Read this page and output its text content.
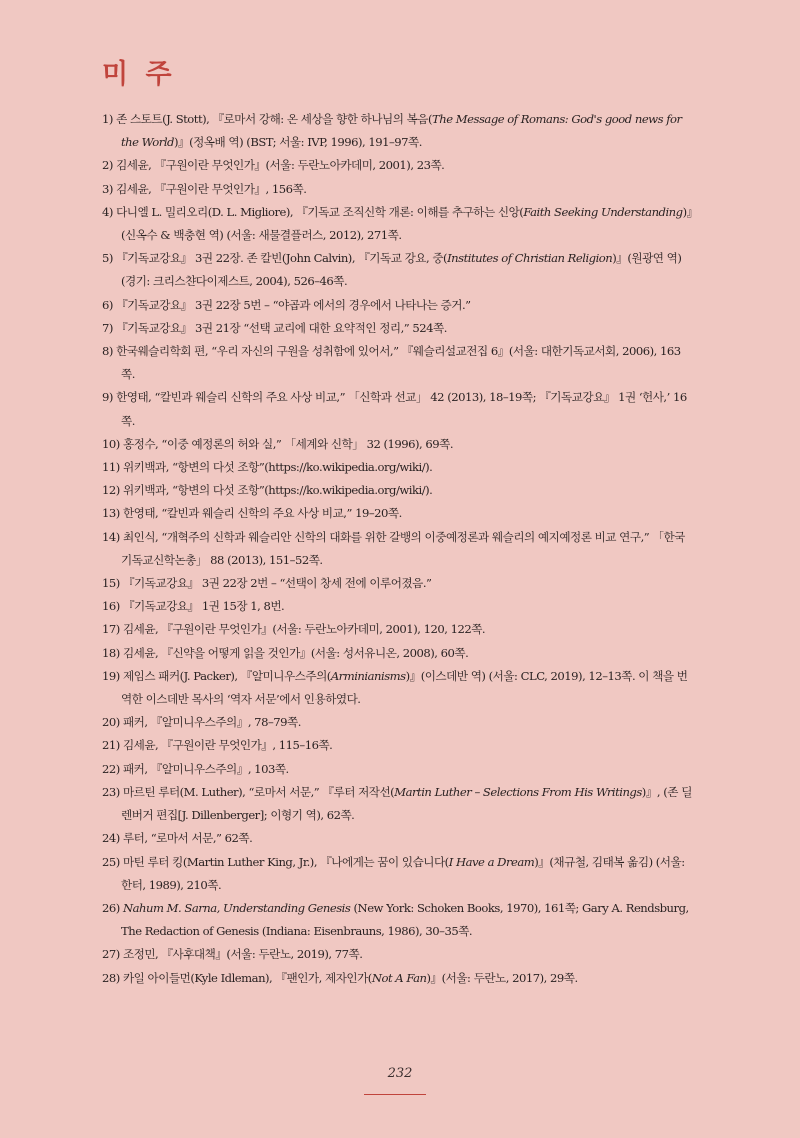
미 주
1) 존 스토트(J. Stott), 『로마서 강해: 온 세상을 향한 하나님의 복음(The Message of Romans: God's good news for the World)』(정옥배 역) (BST; 서울: IVP, 1996), 191–97쪽.
2) 김세윤, 『구원이란 무엇인가』(서울: 두란노아카데미, 2001), 23쪽.
3) 김세윤, 『구원이란 무엇인가』, 156쪽.
4) 다니엘 L. 밀리오리(D. L. Migliore), 『기독교 조직신학 개론: 이해를 추구하는 신앙(Faith Seeking Understanding)』(신옥수 & 백충현 역) (서울: 새물결플러스, 2012), 271쪽.
5) 『기독교강요』 3권 22장. 존 칼빈(John Calvin), 『기독교 강요, 중(Institutes of Christian Religion)』(원광연 역) (경기: 크리스챤다이제스트, 2004), 526–46쪽.
6) 『기독교강요』 3권 22장 5번 – “야곱과 에서의 경우에서 나타나는 증거.”
7) 『기독교강요』 3권 21장 “선택 교리에 대한 요약적인 정리,” 524쪽.
8) 한국웨슬리학회 편, “우리 자신의 구원을 성취함에 있어서,” 『웨슬리설교전집 6』(서울: 대한기독교서회, 2006), 163쪽.
9) 한영태, “칼빈과 웨슬리 신학의 주요 사상 비교,” 「신학과 선교」 42 (2013), 18–19쪽; 『기독교강요』 1권 ‘헌사,’ 16쪽.
10) 홍정수, “이중 예정론의 허와 실,” 「세계와 신학」 32 (1996), 69쪽.
11) 위키백과, “항변의 다섯 조항”(https://ko.wikipedia.org/wiki/).
12) 위키백과, “항변의 다섯 조항”(https://ko.wikipedia.org/wiki/).
13) 한영태, “칼빈과 웨슬리 신학의 주요 사상 비교,” 19–20쪽.
14) 최인식, “개혁주의 신학과 웨슬리안 신학의 대화를 위한 갈뱅의 이중예정론과 웨슬리의 예지예정론 비교 연구,” 「한국기독교신학논총」 88 (2013), 151–52쪽.
15) 『기독교강요』 3권 22장 2번 – “선택이 창세 전에 이루어졌음.”
16) 『기독교강요』 1권 15장 1, 8번.
17) 김세윤, 『구원이란 무엇인가』(서울: 두란노아카데미, 2001), 120, 122쪽.
18) 김세윤, 『신약을 어떻게 읽을 것인가』(서울: 성서유니온, 2008), 60쪽.
19) 제임스 패커(J. Packer), 『알미니우스주의(Arminianisms)』(이스데반 역) (서울: CLC, 2019), 12–13쪽. 이 책을 번역한 이스데반 목사의 ‘역자 서문’에서 인용하였다.
20) 패커, 『알미니우스주의』, 78–79쪽.
21) 김세윤, 『구원이란 무엇인가』, 115–16쪽.
22) 패커, 『알미니우스주의』, 103쪽.
23) 마르틴 루터(M. Luther), “로마서 서문,” 『루터 저작선(Martin Luther – Selections From His Writings)』, (존 딜렌버거 편집[J. Dillenberger]; 이형기 역), 62쪽.
24) 루터, “로마서 서문,” 62쪽.
25) 마틴 루터 킹(Martin Luther King, Jr.), 『나에게는 꿈이 있습니다(I Have a Dream)』(채규철, 김태복 옮김) (서울: 한터, 1989), 210쪽.
26) Nahum M. Sarna, Understanding Genesis (New York: Schoken Books, 1970), 161쪽; Gary A. Rendsburg, The Redaction of Genesis (Indiana: Eisenbrauns, 1986), 30–35쪽.
27) 조정민, 『사후대책』(서울: 두란노, 2019), 77쪽.
28) 카일 아이들먼(Kyle Idleman), 『팬인가, 제자인가(Not A Fan)』(서울: 두란노, 2017), 29쪽.
232
